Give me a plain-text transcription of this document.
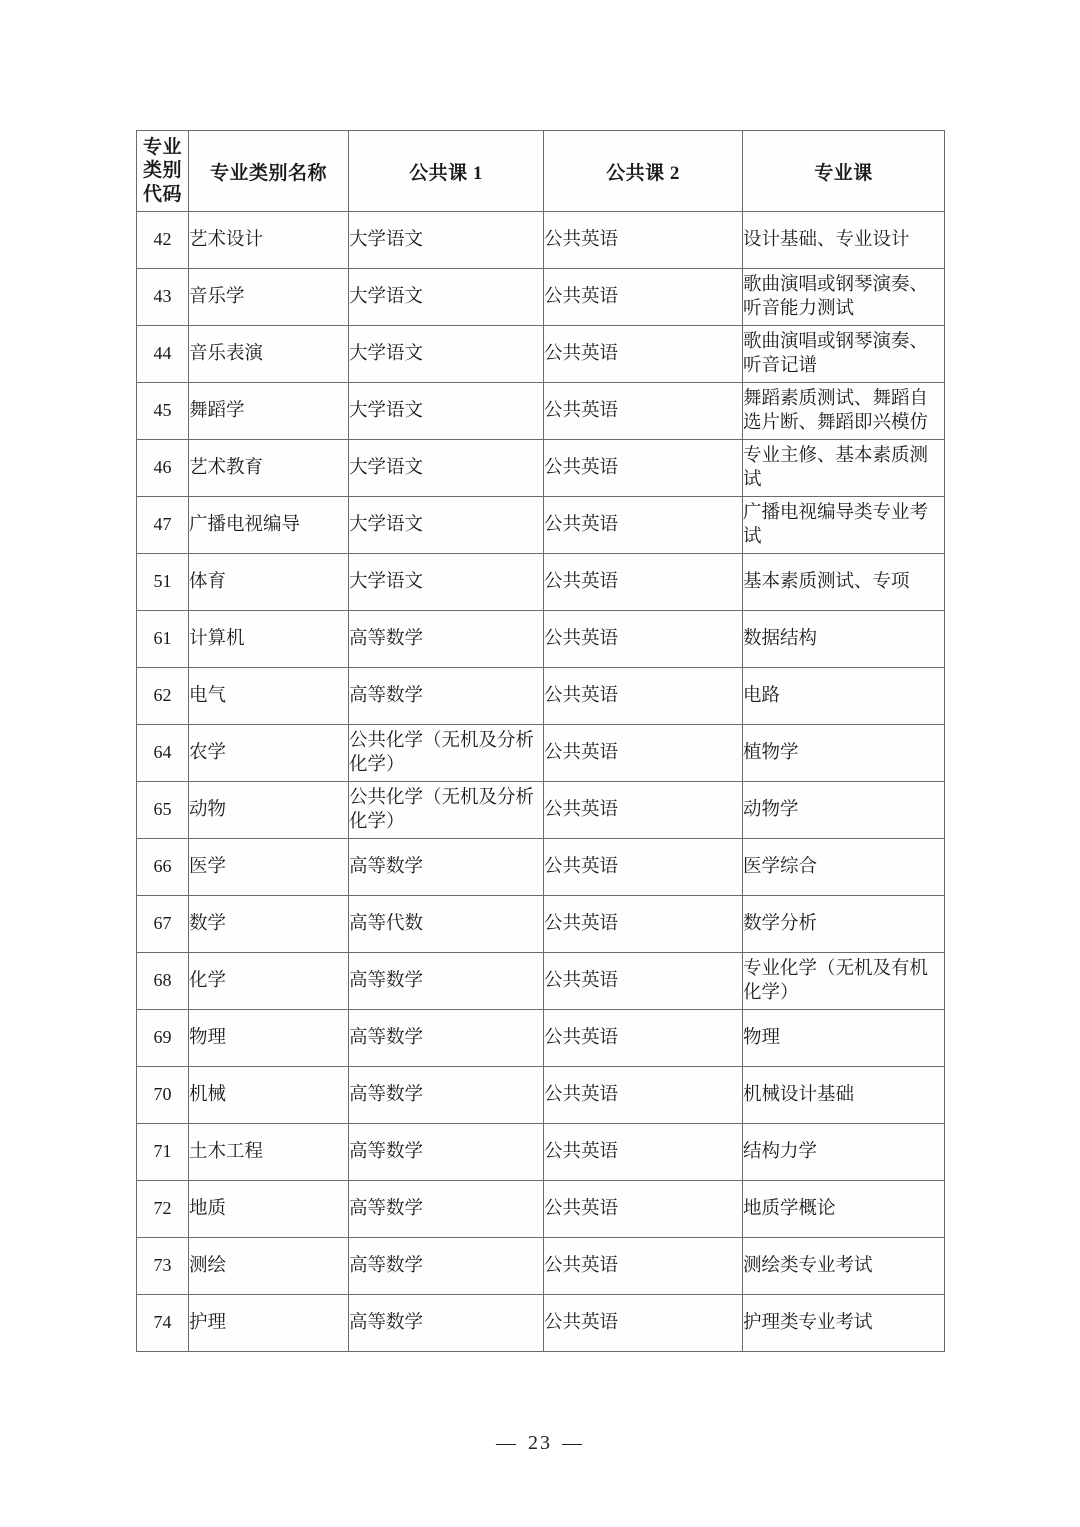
专业
类别
代码	专业类别名称	公共课 1	公共课 2	专业课

42	艺术设计	大学语文	公共英语	设计基础、专业设计

43	音乐学	大学语文	公共英语	歌曲演唱或钢琴演奏、听音能力测试

44	音乐表演	大学语文	公共英语	歌曲演唱或钢琴演奏、听音记谱

45	舞蹈学	大学语文	公共英语	舞蹈素质测试、舞蹈自选片断、舞蹈即兴模仿

46	艺术教育	大学语文	公共英语	专业主修、基本素质测试

47	广播电视编导	大学语文	公共英语	广播电视编导类专业考试

51	体育	大学语文	公共英语	基本素质测试、专项

61	计算机	高等数学	公共英语	数据结构

62	电气	高等数学	公共英语	电路

64	农学	公共化学（无机及分析化学）	公共英语	植物学

65	动物	公共化学（无机及分析化学）	公共英语	动物学

66	医学	高等数学	公共英语	医学综合

67	数学	高等代数	公共英语	数学分析

68	化学	高等数学	公共英语	专业化学（无机及有机化学）

69	物理	高等数学	公共英语	物理

70	机械	高等数学	公共英语	机械设计基础

71	土木工程	高等数学	公共英语	结构力学

72	地质	高等数学	公共英语	地质学概论

73	测绘	高等数学	公共英语	测绘类专业考试

74	护理	高等数学	公共英语	护理类专业考试
— 23 —
